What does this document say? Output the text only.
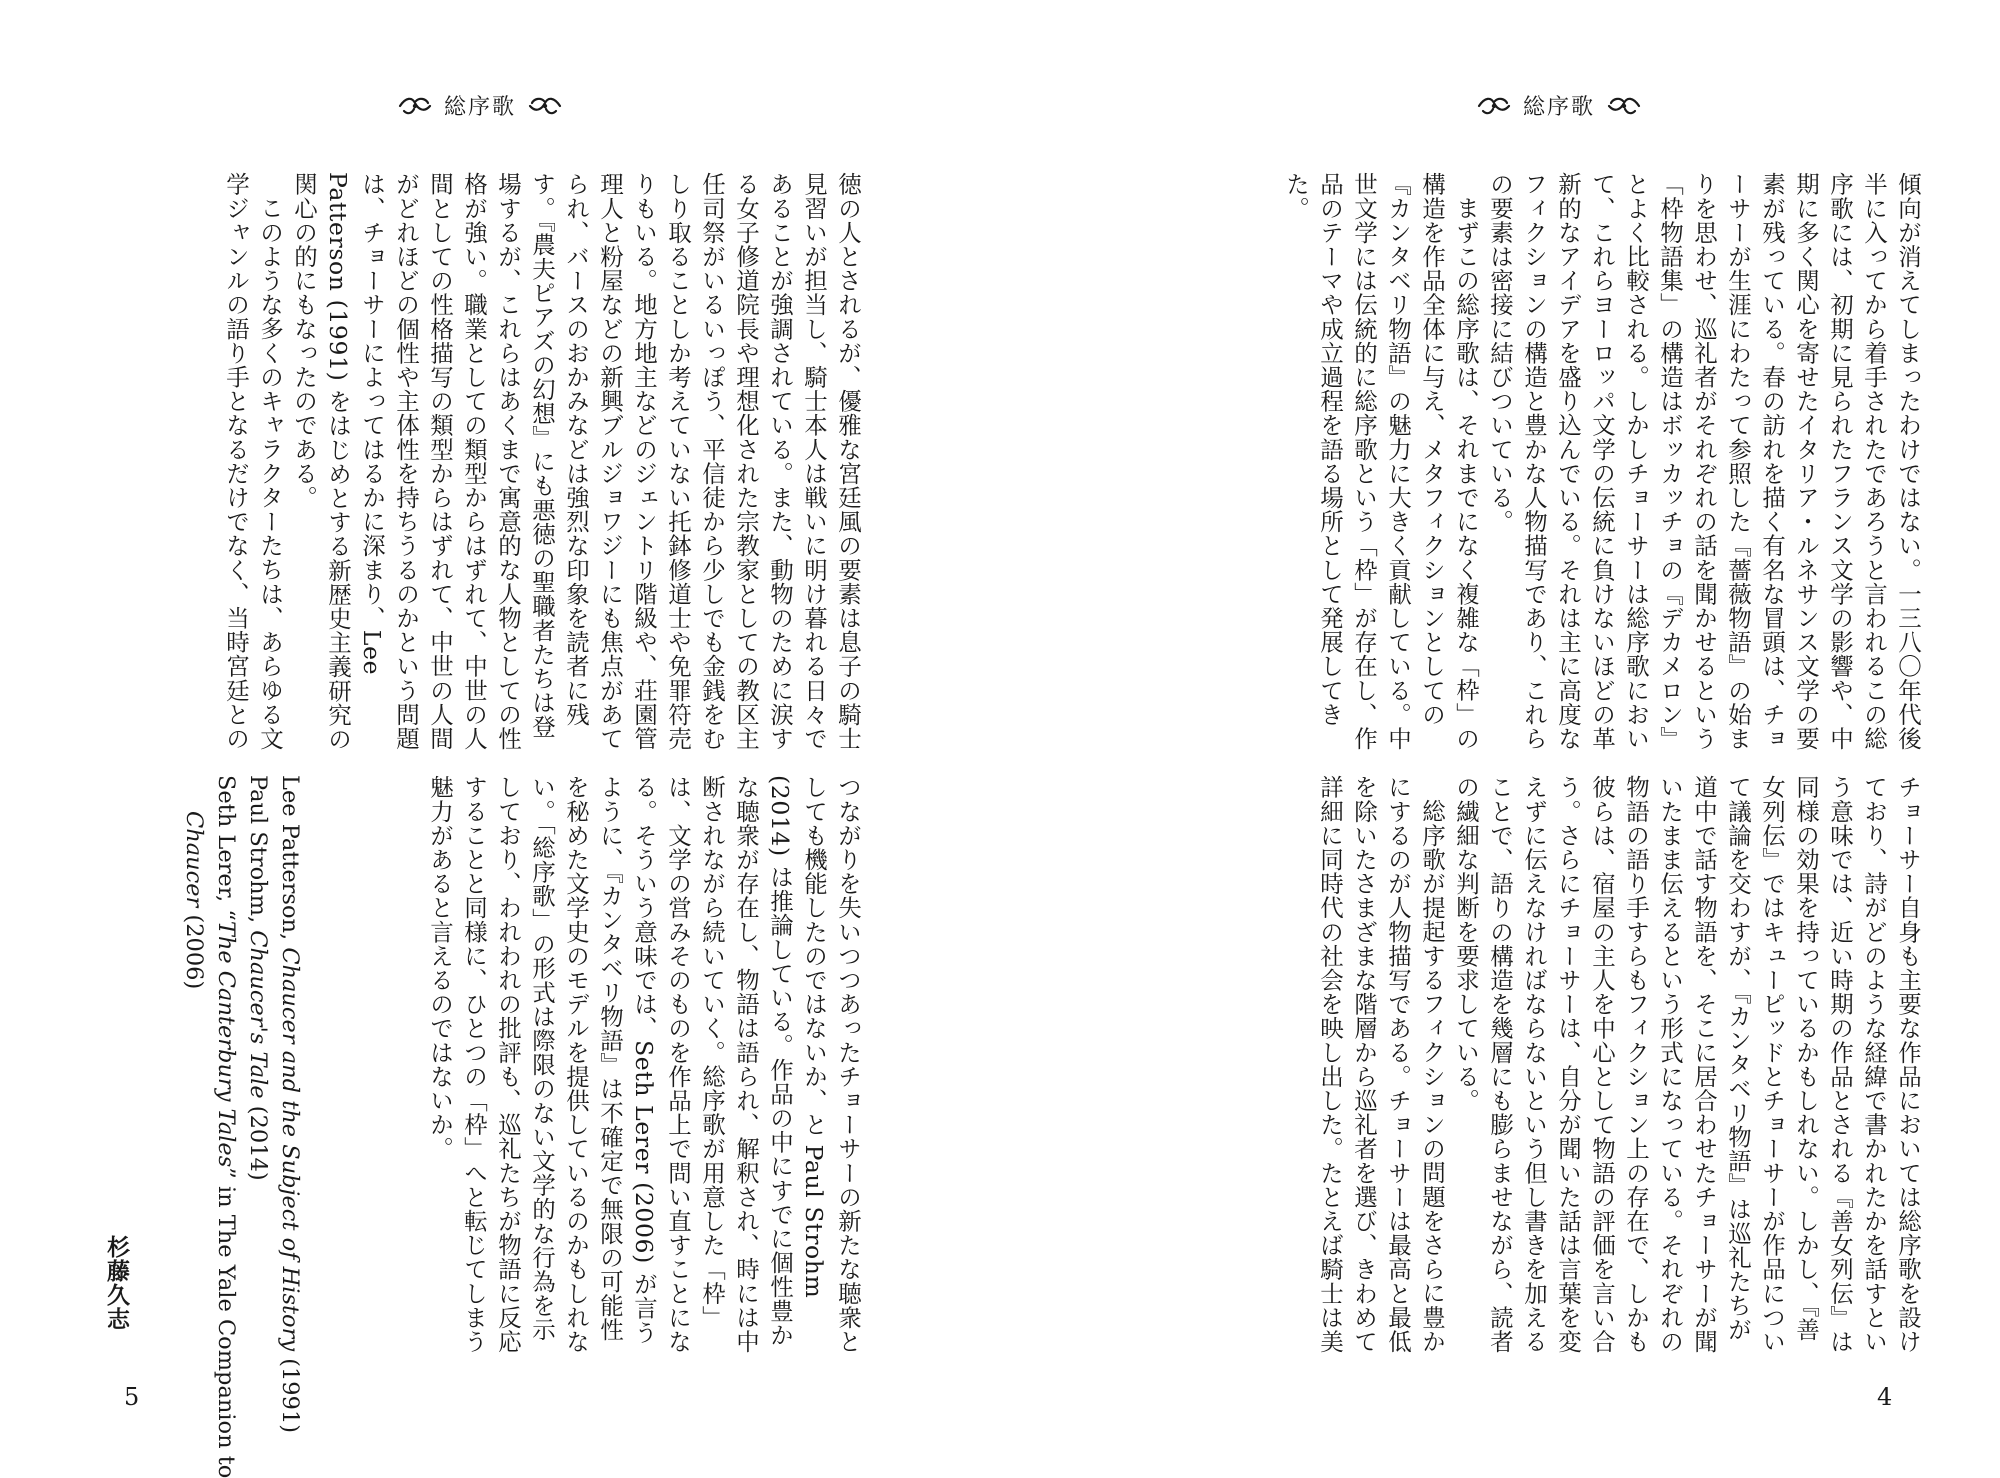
総序歌

徳の人とされるが、優雅な宮廷風の要素は息子の騎士見習いが担当し、騎士本人は戦いに明け暮れる日々であることが強調されている。また、動物のために涙する女子修道院長や理想化された宗教家としての教区主任司祭がいるいっぽう、平信徒から少しでも金銭をむしり取ることしか考えていない托鉢修道士や免罪符売りもいる。地方地主などのジェントリ階級や、荘園管理人と粉屋などの新興ブルジョワジーにも焦点があてられ、バースのおかみなどは強烈な印象を読者に残す。『農夫ピアズの幻想』にも悪徳の聖職者たちは登場するが、これらはあくまで寓意的な人物としての性格が強い。職業としての類型からはずれて、中世の人間としての性格描写の類型からはずれて、中世の人間がどれほどの個性や主体性を持ちうるのかという問題は、チョーサーによってはるかに深まり、Lee Patterson (1991) をはじめとする新歴史主義研究の関心の的にもなったのである。

このような多くのキャラクターたちは、あらゆる文学ジャンルの語り手となるだけでなく、当時宮廷との

つながりを失いつつあったチョーサーの新たな聴衆としても機能したのではないか、と Paul Strohm (2014) は推論している。作品の中にすでに個性豊かな聴衆が存在し、物語は語られ、解釈され、時には中断されながら続いていく。総序歌が用意した「枠」は、文学の営みそのものを作品上で問い直すことになる。そういう意味では、Seth Lerer (2006) が言うように、『カンタベリ物語』は不確定で無限の可能性を秘めた文学史のモデルを提供しているのかもしれない。「総序歌」の形式は際限のない文学的な行為を示しており、われわれの批評も、巡礼たちが物語に反応することと同様に、ひとつの「枠」へと転じてしまう魅力があると言えるのではないか。

Lee Patterson, Chaucer and the Subject of History (1991)

Paul Strohm, Chaucer's Tale (2014)

Seth Lerer, “The Canterbury Tales” in The Yale Companion to

Chaucer (2006)

杉藤久志
5
総序歌

傾向が消えてしまったわけではない。一三八〇年代後半に入ってから着手されたであろうと言われるこの総序歌には、初期に見られたフランス文学の影響や、中期に多く関心を寄せたイタリア・ルネサンス文学の要素が残っている。春の訪れを描く有名な冒頭は、チョーサーが生涯にわたって参照した『薔薇物語』の始まりを思わせ、巡礼者がそれぞれの話を聞かせるという「枠物語集」の構造はボッカッチョの『デカメロン』とよく比較される。しかしチョーサーは総序歌において、これらヨーロッパ文学の伝統に負けないほどの革新的なアイデアを盛り込んでいる。それは主に高度なフィクションの構造と豊かな人物描写であり、これらの要素は密接に結びついている。

まずこの総序歌は、それまでになく複雑な「枠」の構造を作品全体に与え、メタフィクションとしての『カンタベリ物語』の魅力に大きく貢献している。中世文学には伝統的に総序歌という「枠」が存在し、作品のテーマや成立過程を語る場所として発展してきた。

チョーサー自身も主要な作品においては総序歌を設けており、詩がどのような経緯で書かれたかを話すという意味では、近い時期の作品とされる『善女列伝』は同様の効果を持っているかもしれない。しかし、『善女列伝』ではキューピッドとチョーサーが作品について議論を交わすが、『カンタベリ物語』は巡礼たちが道中で話す物語を、そこに居合わせたチョーサーが聞いたまま伝えるという形式になっている。それぞれの物語の語り手すらもフィクション上の存在で、しかも彼らは、宿屋の主人を中心として物語の評価を言い合う。さらにチョーサーは、自分が聞いた話は言葉を変えずに伝えなければならないという但し書きを加えることで、語りの構造を幾層にも膨らませながら、読者の繊細な判断を要求している。

総序歌が提起するフィクションの問題をさらに豊かにするのが人物描写である。チョーサーは最高と最低を除いたさまざまな階層から巡礼者を選び、きわめて詳細に同時代の社会を映し出した。たとえば騎士は美

4
